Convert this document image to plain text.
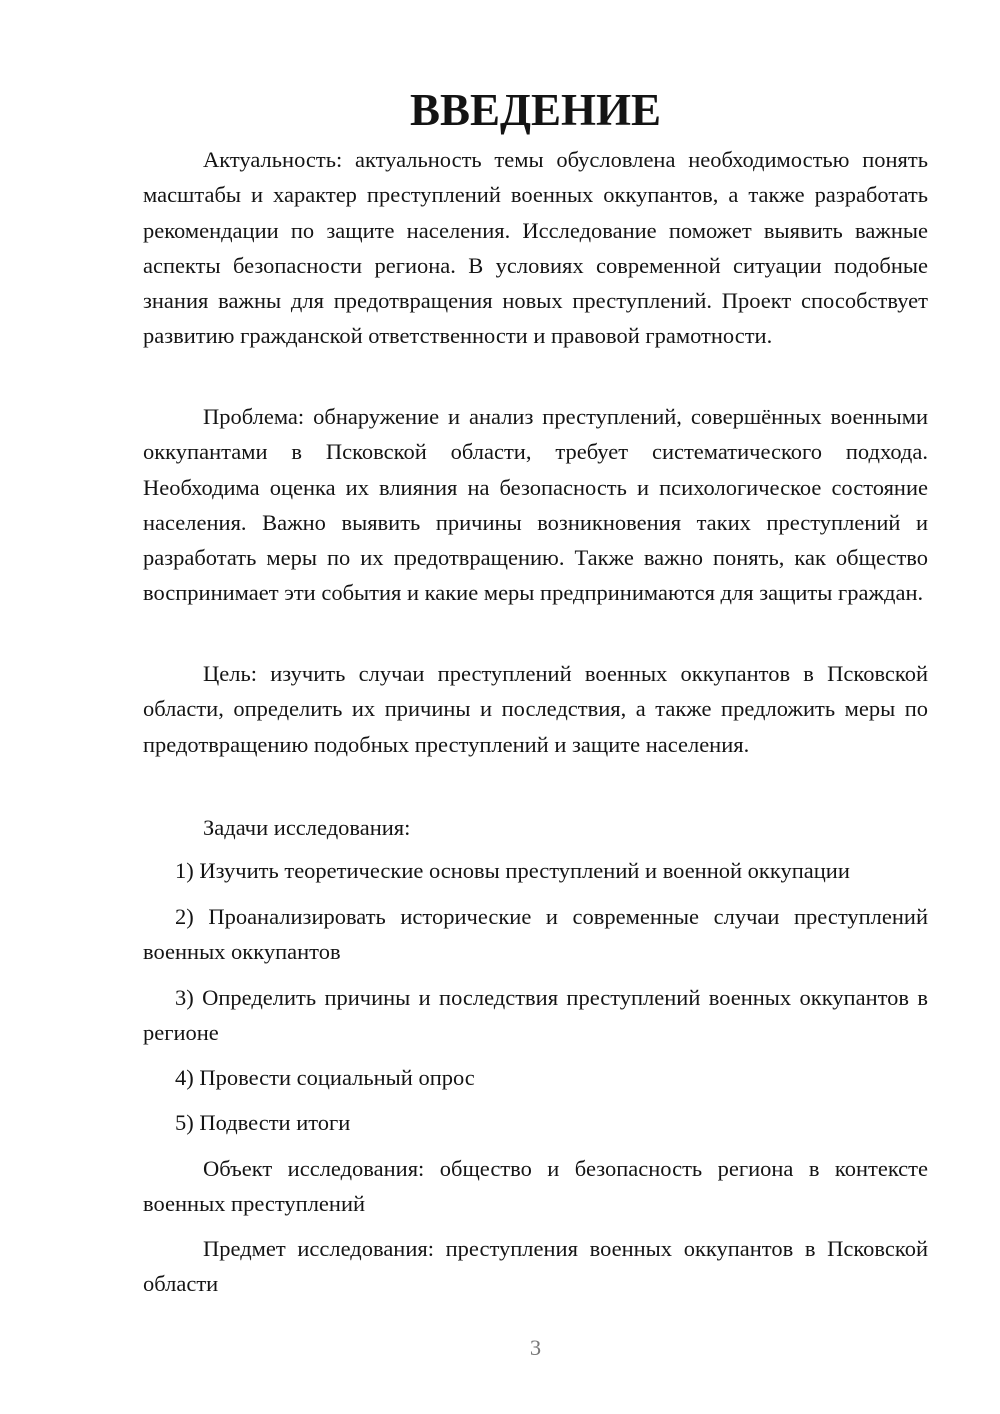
ВВЕДЕНИЕ

Актуальность: актуальность темы обусловлена необходимостью понять масштабы и характер преступлений военных оккупантов, а также разработать рекомендации по защите населения. Исследование поможет выявить важные аспекты безопасности региона. В условиях современной ситуации подобные знания важны для предотвращения новых преступлений. Проект способствует развитию гражданской ответственности и правовой грамотности.

Проблема: обнаружение и анализ преступлений, совершённых военными оккупантами в Псковской области, требует систематического подхода. Необходима оценка их влияния на безопасность и психологическое состояние населения. Важно выявить причины возникновения таких преступлений и разработать меры по их предотвращению. Также важно понять, как общество воспринимает эти события и какие меры предпринимаются для защиты граждан.

Цель: изучить случаи преступлений военных оккупантов в Псковской области, определить их причины и последствия, а также предложить меры по предотвращению подобных преступлений и защите населения.

Задачи исследования:

1) Изучить теоретические основы преступлений и военной оккупации

2) Проанализировать исторические и современные случаи преступлений военных оккупантов

3) Определить причины и последствия преступлений военных оккупантов в регионе

4) Провести социальный опрос

5) Подвести итоги

Объект исследования: общество и безопасность региона в контексте военных преступлений

Предмет исследования: преступления военных оккупантов в Псковской области

3
